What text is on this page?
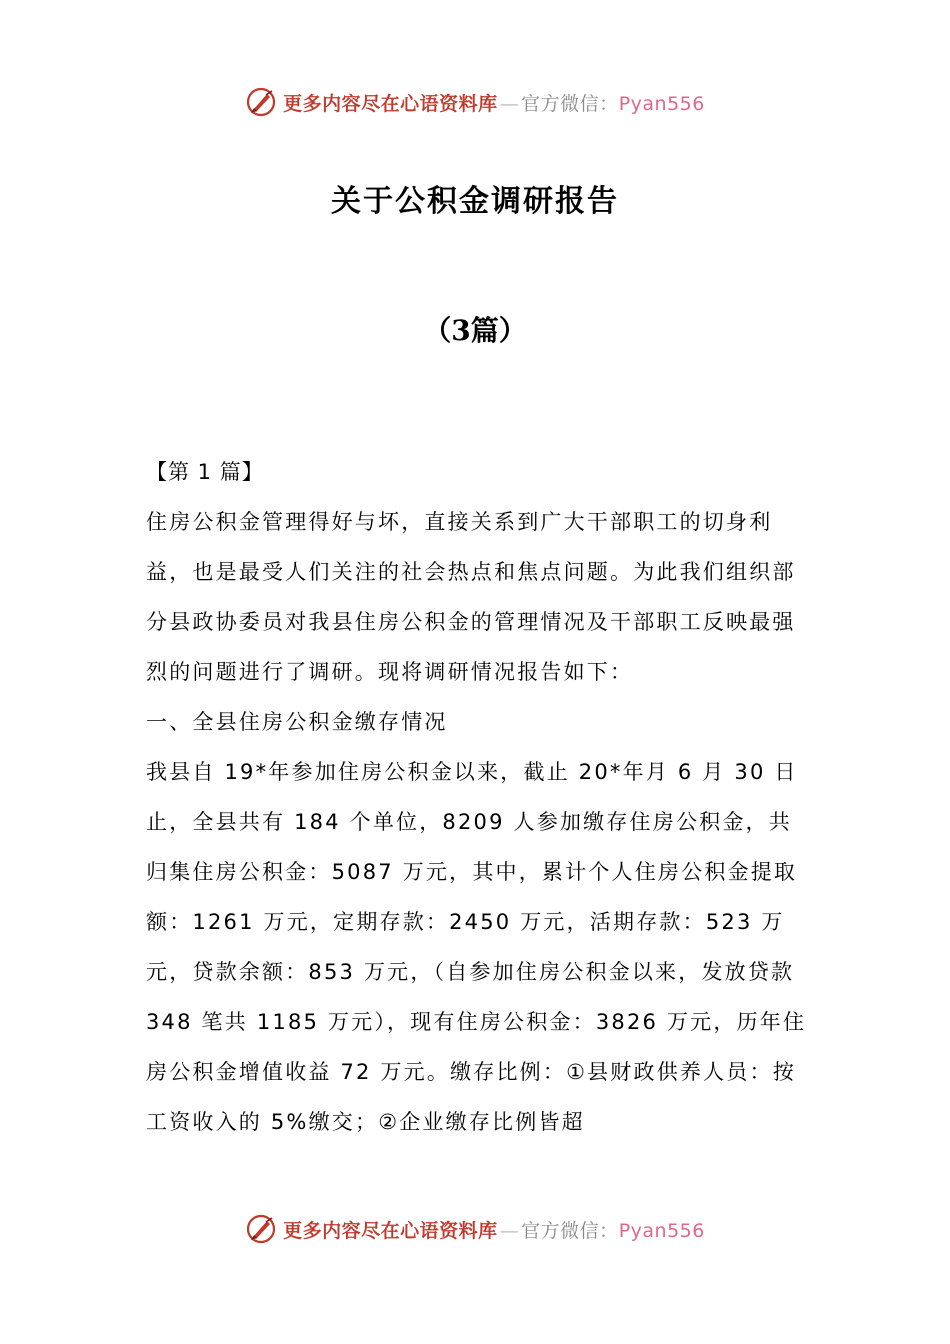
更多内容尽在心语资料库 — 官方微信：Pyan556
关于公积金调研报告
（3篇）

【第 1 篇】

住房公积金管理得好与坏，直接关系到广大干部职工的切身利益，也是最受人们关注的社会热点和焦点问题。为此我们组织部分县政协委员对我县住房公积金的管理情况及干部职工反映最强烈的问题进行了调研。现将调研情况报告如下：

一、全县住房公积金缴存情况

我县自 19*年参加住房公积金以来，截止 20*年月 6 月 30 日止，全县共有 184 个单位，8209 人参加缴存住房公积金，共归集住房公积金：5087 万元，其中，累计个人住房公积金提取额：1261 万元，定期存款：2450 万元，活期存款：523 万元，贷款余额：853 万元，（自参加住房公积金以来，发放贷款 348 笔共 1185 万元），现有住房公积金：3826 万元，历年住房公积金增值收益 72 万元。缴存比例：①县财政供养人员：按工资收入的 5%缴交；②企业缴存比例皆超

更多内容尽在心语资料库 — 官方微信：Pyan556
